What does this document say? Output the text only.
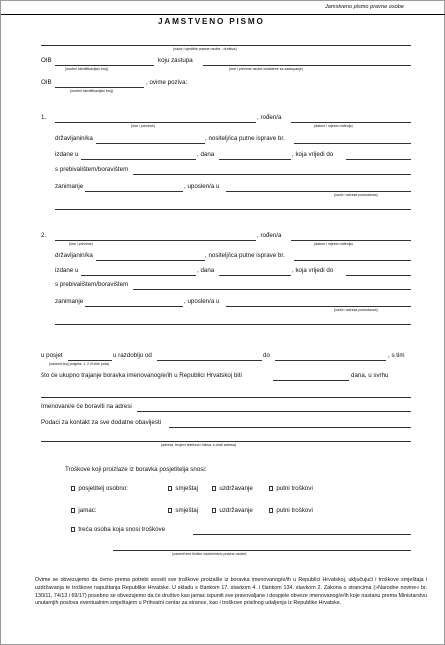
Jamstveno pismo pravne osobe
JAMSTVENO PISMO
(naziv i sjedište pravne osobe - društva)
OIB	koju zastupa
(osobni identifikacijski broj)	(ime i prezime osobe ovlaštene za zastupanje)
OIB	, ovime poziva:
(osobni identifikacijski broj)
1.	, rođen/a
(ime i prezime)	(datum i mjesto rođenja)
državljanin/ka	, nositelj/ica putne isprave br.
izdane u	, dana	, koja vrijedi do
s prebivalištem/boravištem
zanimanje	, uposlen/a u
(naziv i adresa poslodavca)
2.	, rođen/a
(ime i prezime)	(datum i mjesto rođenja)
državljanin/ka	, nositelj/ica putne isprave br.
izdane u	, dana	, koja vrijedi do
s prebivalištem/boravištem
zanimanje	, uposlen/a u
(naziv i adresa poslodavca)
u posjet	u razdoblju od	do	, s tim
(navesti broj posjeta: 1, 2 ili više puta)
što će ukupno trajanje boravka imenovanog/e/ih u Republici Hrvatskoj biti	dana, u svrhu
Imenovani/e će boraviti na adresi
Podaci za kontakt za sve dodatne obavijesti
(adresa, brojevi telefona i faksa, e-mail adresa)
Troškove koji proizlaze iz boravka posjetitelja snosi:
posjetitelj osobno:	smještaj	uzdržavanje	putni troškovi
jamac:	smještaj	uzdržavanje	putni troškovi
treća osoba koja snosi troškove
(navesti ime fizičke osobe/naziv pravne osobe)
Ovime se obvezujemo da ćemo prema potrebi snositi sve troškove proizašle iz boravka imenovanog/e/ih u Republici Hrvatskoj, uključujući i troškove smještaja i uzdržavanja te troškove napuštanja Republike Hrvatske. U skladu s člankom 17. stavkom 4. i člankom 134. stavkom 2. Zakona o strancima (»Narodne novine« br. 130/11, 74/13 i 69/17) posebno se obvezujemo da će društvo kao jamac ispuniti sve pravovaljane i dospjele obveze imenovanog/e/ih koje nastanu prema Ministarstvu unutarnjih poslova eventualnim smještajem u Prihvatni centar za strance, kao i troškove prisilnog udaljenja iz Republike Hrvatske.
